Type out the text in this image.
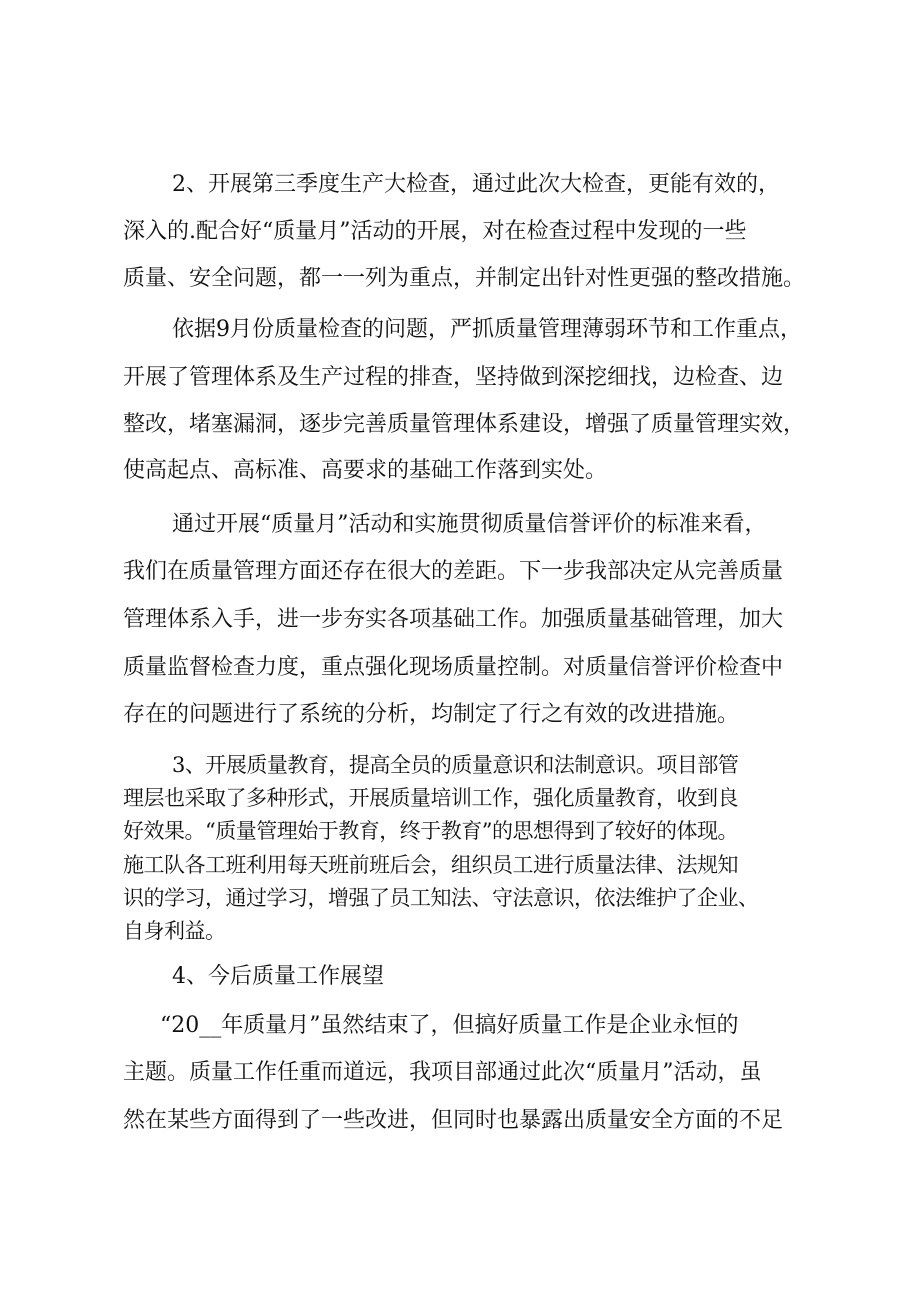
2、开展第三季度生产大检查，通过此次大检查，更能有效的，

深入的.配合好“质量月”活动的开展，对在检查过程中发现的一些

质量、安全问题，都一一列为重点，并制定出针对性更强的整改措施。

依据9月份质量检查的问题，严抓质量管理薄弱环节和工作重点，

开展了管理体系及生产过程的排查，坚持做到深挖细找，边检查、边

整改，堵塞漏洞，逐步完善质量管理体系建设，增强了质量管理实效，

使高起点、高标准、高要求的基础工作落到实处。

通过开展“质量月”活动和实施贯彻质量信誉评价的标准来看，

我们在质量管理方面还存在很大的差距。下一步我部决定从完善质量

管理体系入手，进一步夯实各项基础工作。加强质量基础管理，加大

质量监督检查力度，重点强化现场质量控制。对质量信誉评价检查中

存在的问题进行了系统的分析，均制定了行之有效的改进措施。

3、开展质量教育，提高全员的质量意识和法制意识。项目部管

理层也采取了多种形式，开展质量培训工作，强化质量教育，收到良

好效果。“质量管理始于教育，终于教育”的思想得到了较好的体现。

施工队各工班利用每天班前班后会，组织员工进行质量法律、法规知

识的学习，通过学习，增强了员工知法、守法意识，依法维护了企业、

自身利益。

4、今后质量工作展望

“20__年质量月”虽然结束了，但搞好质量工作是企业永恒的

主题。质量工作任重而道远，我项目部通过此次“质量月”活动，虽

然在某些方面得到了一些改进，但同时也暴露出质量安全方面的不足
